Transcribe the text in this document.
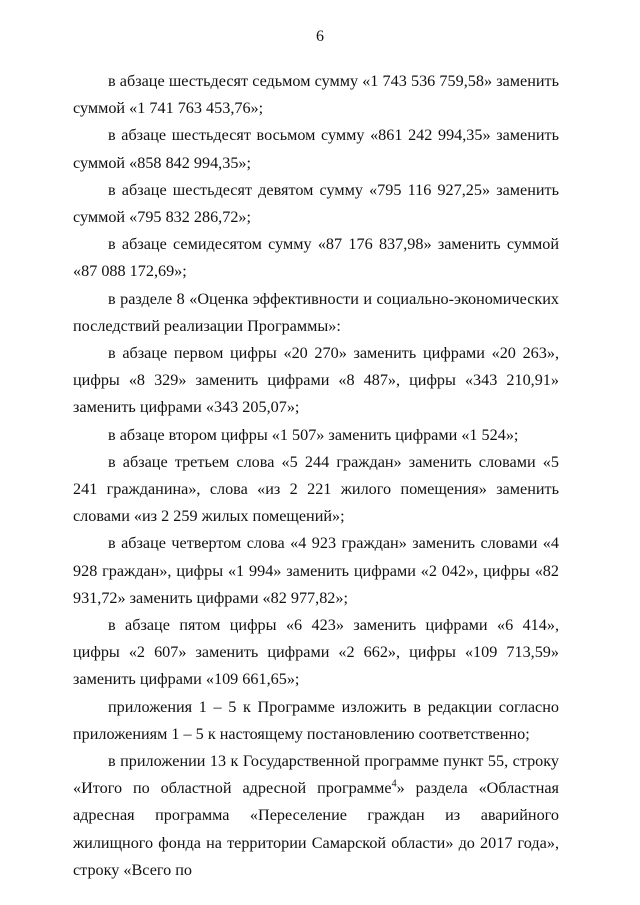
6

в абзаце шестьдесят седьмом сумму «1 743 536 759,58» заменить суммой «1 741 763 453,76»;

в абзаце шестьдесят восьмом сумму «861 242 994,35» заменить суммой «858 842 994,35»;

в абзаце шестьдесят девятом сумму «795 116 927,25» заменить суммой «795 832 286,72»;

в абзаце семидесятом сумму «87 176 837,98» заменить суммой «87 088 172,69»;

в разделе 8 «Оценка эффективности и социально-экономических последствий реализации Программы»:

в абзаце первом цифры «20 270» заменить цифрами «20 263», цифры «8 329» заменить цифрами «8 487», цифры «343 210,91» заменить цифрами «343 205,07»;

в абзаце втором цифры «1 507» заменить цифрами «1 524»;

в абзаце третьем слова «5 244 граждан» заменить словами «5 241 гражданина», слова «из 2 221 жилого помещения» заменить словами «из 2 259 жилых помещений»;

в абзаце четвертом слова «4 923 граждан» заменить словами «4 928 граждан», цифры «1 994» заменить цифрами «2 042», цифры «82 931,72» заменить цифрами «82 977,82»;

в абзаце пятом цифры «6 423» заменить цифрами «6 414», цифры «2 607» заменить цифрами «2 662», цифры «109 713,59» заменить цифрами «109 661,65»;

приложения 1 – 5 к Программе изложить в редакции согласно приложениям 1 – 5 к настоящему постановлению соответственно;

в приложении 13 к Государственной программе пункт 55, строку «Итого по областной адресной программе$^4$» раздела «Областная адресная программа «Переселение граждан из аварийного жилищного фонда на территории Самарской области» до 2017 года», строку «Всего по
